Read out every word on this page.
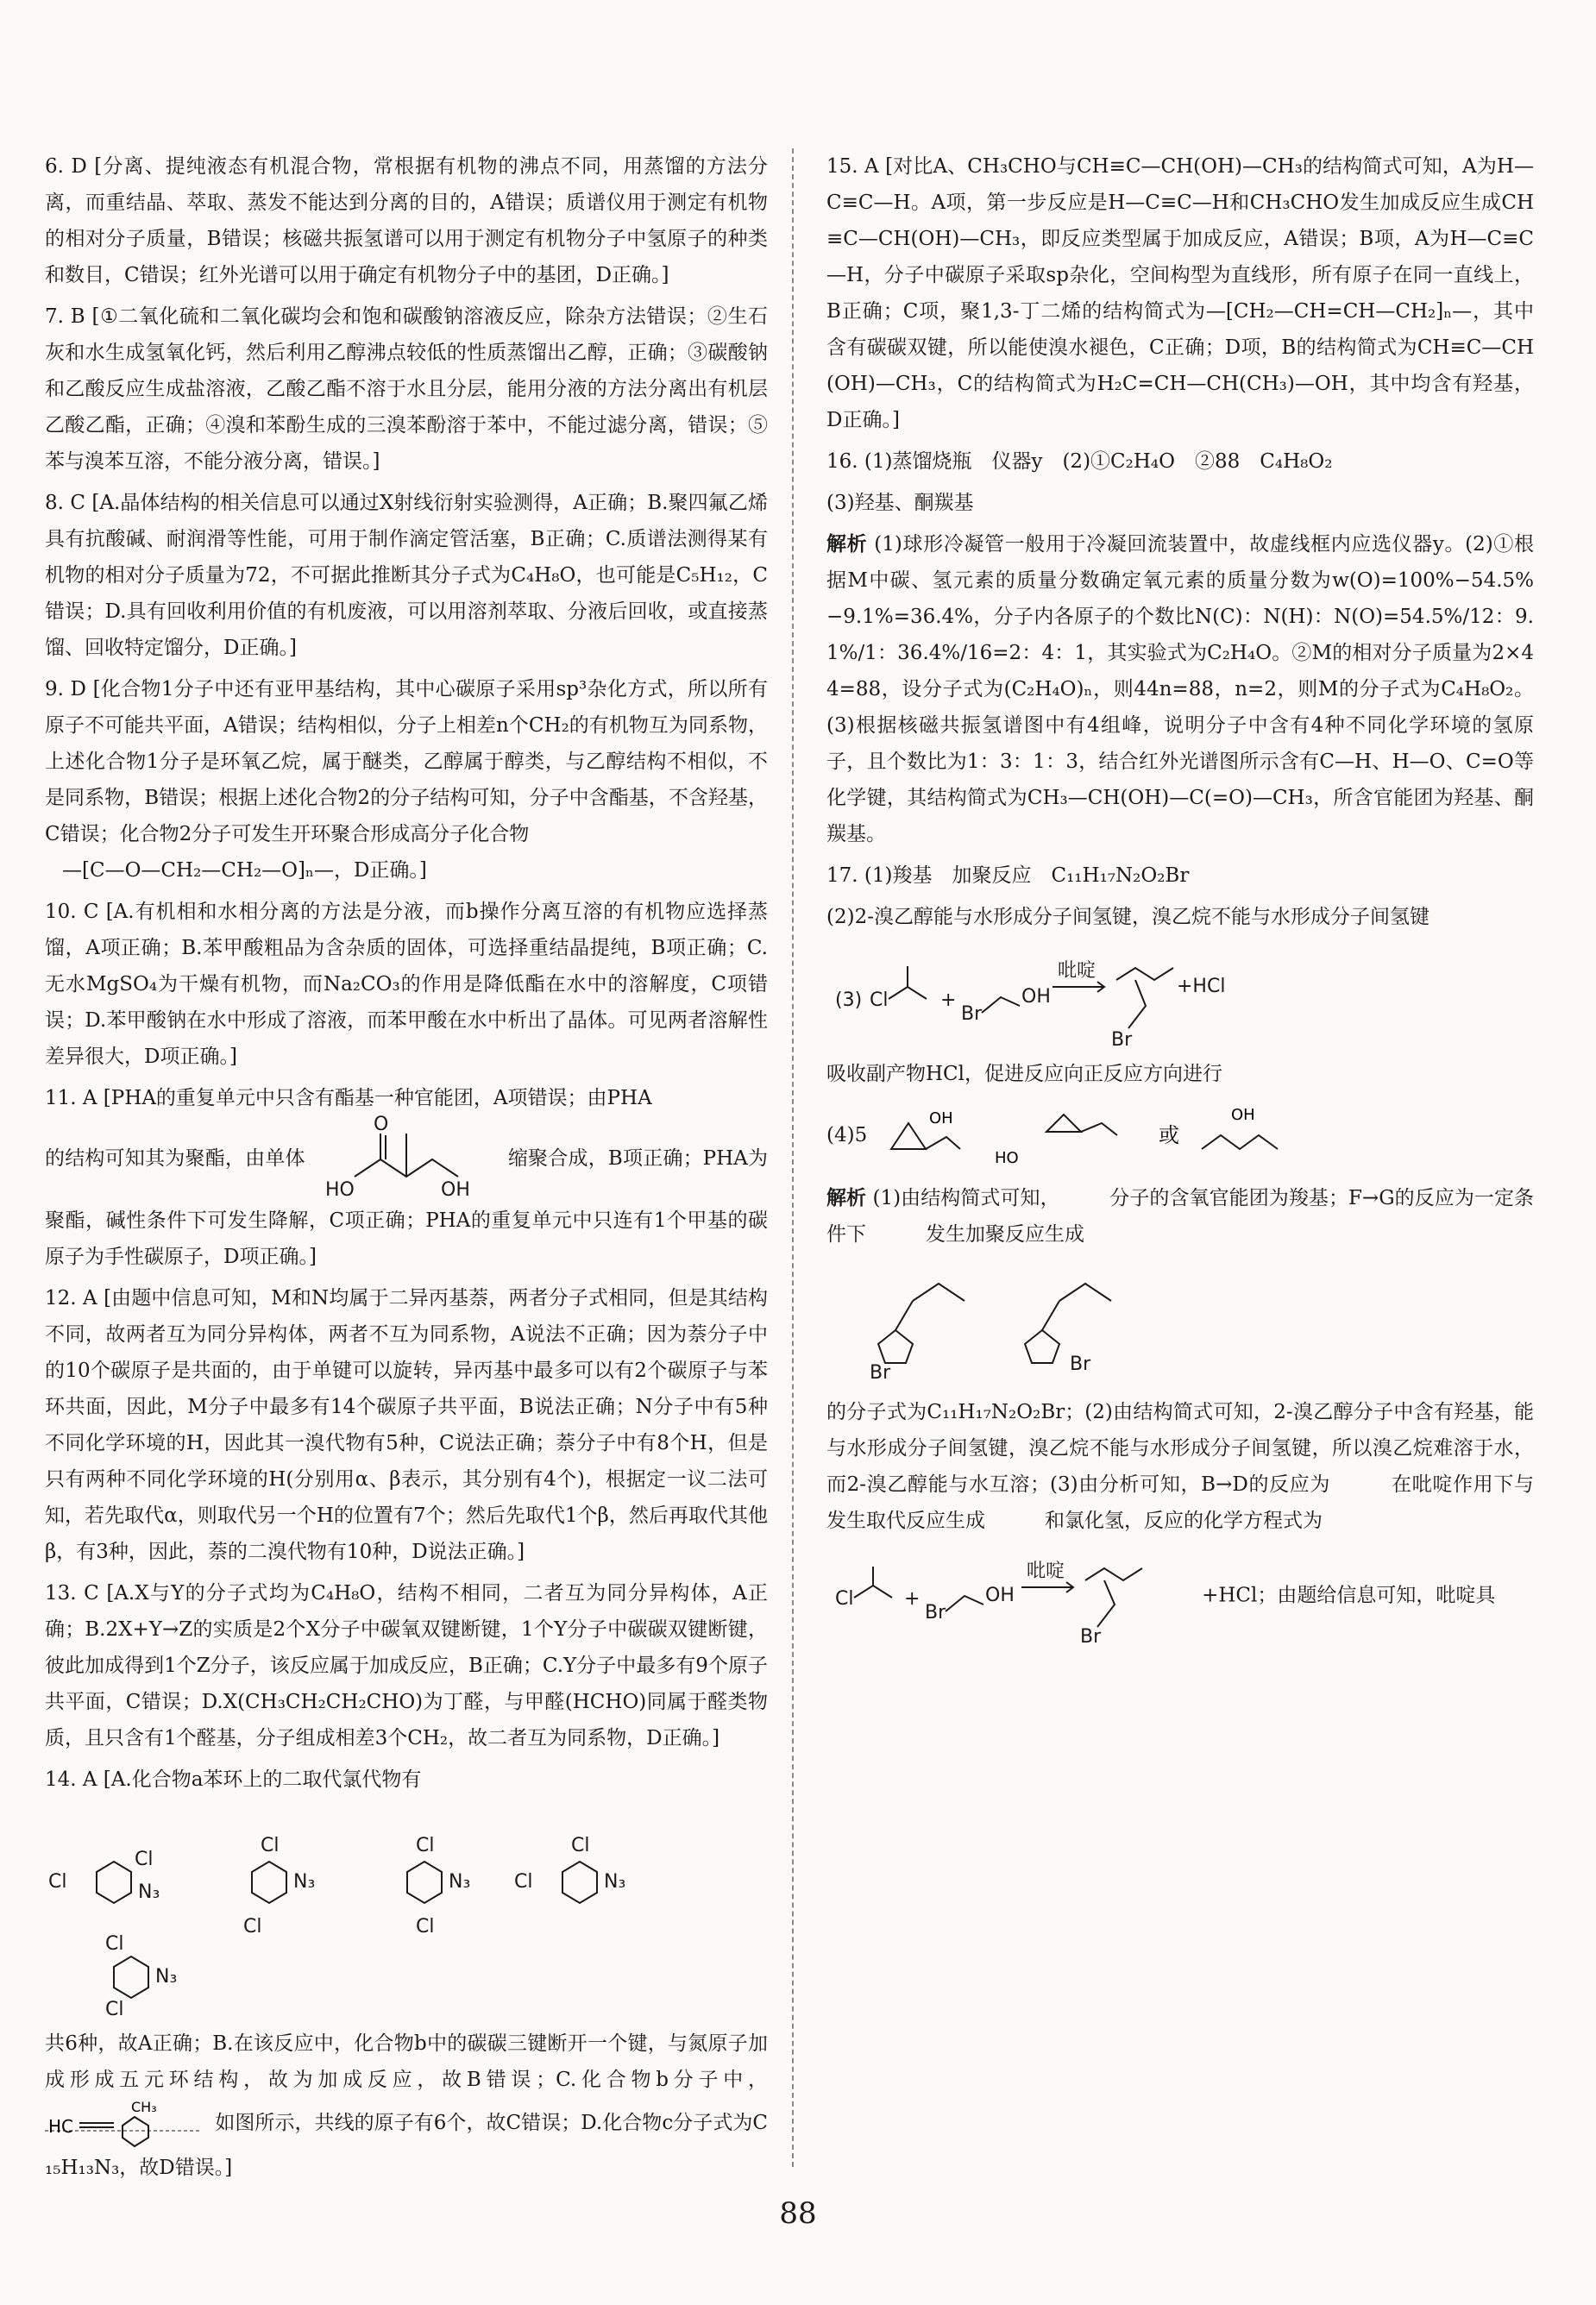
6. D [分离、提纯液态有机混合物，常根据有机物的沸点不同，用蒸馏的方法分离，而重结晶、萃取、蒸发不能达到分离的目的，A错误；质谱仪用于测定有机物的相对分子质量，B错误；核磁共振氢谱可以用于测定有机物分子中氢原子的种类和数目，C错误；红外光谱可以用于确定有机物分子中的基团，D正确。]

7. B [①二氧化硫和二氧化碳均会和饱和碳酸钠溶液反应，除杂方法错误；②生石灰和水生成氢氧化钙，然后利用乙醇沸点较低的性质蒸馏出乙醇，正确；③碳酸钠和乙酸反应生成盐溶液，乙酸乙酯不溶于水且分层，能用分液的方法分离出有机层乙酸乙酯，正确；④溴和苯酚生成的三溴苯酚溶于苯中，不能过滤分离，错误；⑤苯与溴苯互溶，不能分液分离，错误。]

8. C [A.晶体结构的相关信息可以通过X射线衍射实验测得，A正确；B.聚四氟乙烯具有抗酸碱、耐润滑等性能，可用于制作滴定管活塞，B正确；C.质谱法测得某有机物的相对分子质量为72，不可据此推断其分子式为C₄H₈O，也可能是C₅H₁₂，C错误；D.具有回收利用价值的有机废液，可以用溶剂萃取、分液后回收，或直接蒸馏、回收特定馏分，D正确。]

9. D [化合物1分子中还有亚甲基结构，其中心碳原子采用sp³杂化方式，所以所有原子不可能共平面，A错误；结构相似，分子上相差n个CH₂的有机物互为同系物，上述化合物1分子是环氧乙烷，属于醚类，乙醇属于醇类，与乙醇结构不相似，不是同系物，B错误；根据上述化合物2的分子结构可知，分子中含酯基，不含羟基，C错误；化合物2分子可发生开环聚合形成高分子化合物
—[C—O—CH₂—CH₂—O]ₙ—，D正确。]

10. C [A.有机相和水相分离的方法是分液，而b操作分离互溶的有机物应选择蒸馏，A项正确；B.苯甲酸粗品为含杂质的固体，可选择重结晶提纯，B项正确；C.无水MgSO₄为干燥有机物，而Na₂CO₃的作用是降低酯在水中的溶解度，C项错误；D.苯甲酸钠在水中形成了溶液，而苯甲酸在水中析出了晶体。可见两者溶解性差异很大，D项正确。]

11. A [PHA的重复单元中只含有酯基一种官能团，A项错误；由PHA
的结构可知其为聚酯，由单体
HO	OH
O
缩聚合成，B项正确；PHA为聚酯，碱性条件下可发生降解，C项正确；PHA的重复单元中只连有1个甲基的碳原子为手性碳原子，D项正确。]

12. A [由题中信息可知，M和N均属于二异丙基萘，两者分子式相同，但是其结构不同，故两者互为同分异构体，两者不互为同系物，A说法不正确；因为萘分子中的10个碳原子是共面的，由于单键可以旋转，异丙基中最多可以有2个碳原子与苯环共面，因此，M分子中最多有14个碳原子共平面，B说法正确；N分子中有5种不同化学环境的H，因此其一溴代物有5种，C说法正确；萘分子中有8个H，但是只有两种不同化学环境的H(分别用α、β表示，其分别有4个)，根据定一议二法可知，若先取代α，则取代另一个H的位置有7个；然后先取代1个β，然后再取代其他β，有3种，因此，萘的二溴代物有10种，D说法正确。]

13. C [A.X与Y的分子式均为C₄H₈O，结构不相同，二者互为同分异构体，A正确；B.2X+Y→Z的实质是2个X分子中碳氧双键断键，1个Y分子中碳碳双键断键，彼此加成得到1个Z分子，该反应属于加成反应，B正确；C.Y分子中最多有9个原子共平面，C错误；D.X(CH₃CH₂CH₂CHO)为丁醛，与甲醛(HCHO)同属于醛类物质，且只含有1个醛基，分子组成相差3个CH₂，故二者互为同系物，D正确。]

14. A [A.化合物a苯环上的二取代氯代物有

Cl
Cl
N₃
Cl
Cl
N₃
Cl
Cl
N₃ Cl
Cl
N₃
Cl
Cl
N₃

共6种，故A正确；B.在该反应中，化合物b中的碳碳三键断开一个键，与氮原子加成形成五元环结构，故为加成反应，故B错误；C.化合物b分子中，
HC
CH₃
如图所示，共线的原子有6个，故C错误；D.化合物c分子式为C₁₅H₁₃N₃，故D错误。]

15. A [对比A、CH₃CHO与CH≡C—CH(OH)—CH₃的结构简式可知，A为H—C≡C—H。A项，第一步反应是H—C≡C—H和CH₃CHO发生加成反应生成CH≡C—CH(OH)—CH₃，即反应类型属于加成反应，A错误；B项，A为H—C≡C—H，分子中碳原子采取sp杂化，空间构型为直线形，所有原子在同一直线上，B正确；C项，聚1,3-丁二烯的结构简式为—[CH₂—CH=CH—CH₂]ₙ—，其中含有碳碳双键，所以能使溴水褪色，C正确；D项，B的结构简式为CH≡C—CH(OH)—CH₃，C的结构简式为H₂C=CH—CH(CH₃)—OH，其中均含有羟基，D正确。]

16. (1)蒸馏烧瓶　仪器y　(2)①C₂H₄O　②88　C₄H₈O₂

(3)羟基、酮羰基

解析 (1)球形冷凝管一般用于冷凝回流装置中，故虚线框内应选仪器y。(2)①根据M中碳、氢元素的质量分数确定氧元素的质量分数为w(O)=100%−54.5%−9.1%=36.4%，分子内各原子的个数比N(C)：N(H)：N(O)=54.5%/12：9.1%/1：36.4%/16=2：4：1，其实验式为C₂H₄O。②M的相对分子质量为2×44=88，设分子式为(C₂H₄O)ₙ，则44n=88，n=2，则M的分子式为C₄H₈O₂。(3)根据核磁共振氢谱图中有4组峰，说明分子中含有4种不同化学环境的氢原子，且个数比为1：3：1：3，结合红外光谱图所示含有C—H、H—O、C=O等化学键，其结构简式为CH₃—CH(OH)—C(=O)—CH₃，所含官能团为羟基、酮羰基。

17. (1)羧基　加聚反应　C₁₁H₁₇N₂O₂Br

(2)2-溴乙醇能与水形成分子间氢键，溴乙烷不能与水形成分子间氢键

(3) Cl	+
Br
OH
吡啶
Br
+HCl

吸收副产物HCl，促进反应向正反应方向进行

(4)5
OH
HO
或
OH

解析 (1)由结构简式可知，　　　分子的含氧官能团为羧基；F→G的反应为一定条件下　　　发生加聚反应生成

Br	Br

的分子式为C₁₁H₁₇N₂O₂Br；(2)由结构简式可知，2-溴乙醇分子中含有羟基，能与水形成分子间氢键，溴乙烷不能与水形成分子间氢键，所以溴乙烷难溶于水，而2-溴乙醇能与水互溶；(3)由分析可知，B→D的反应为　　　在吡啶作用下与　　　发生取代反应生成　　　和氯化氢，反应的化学方程式为

Cl	+
Br
OH
吡啶
Br
+HCl；由题给信息可知，吡啶具
88
